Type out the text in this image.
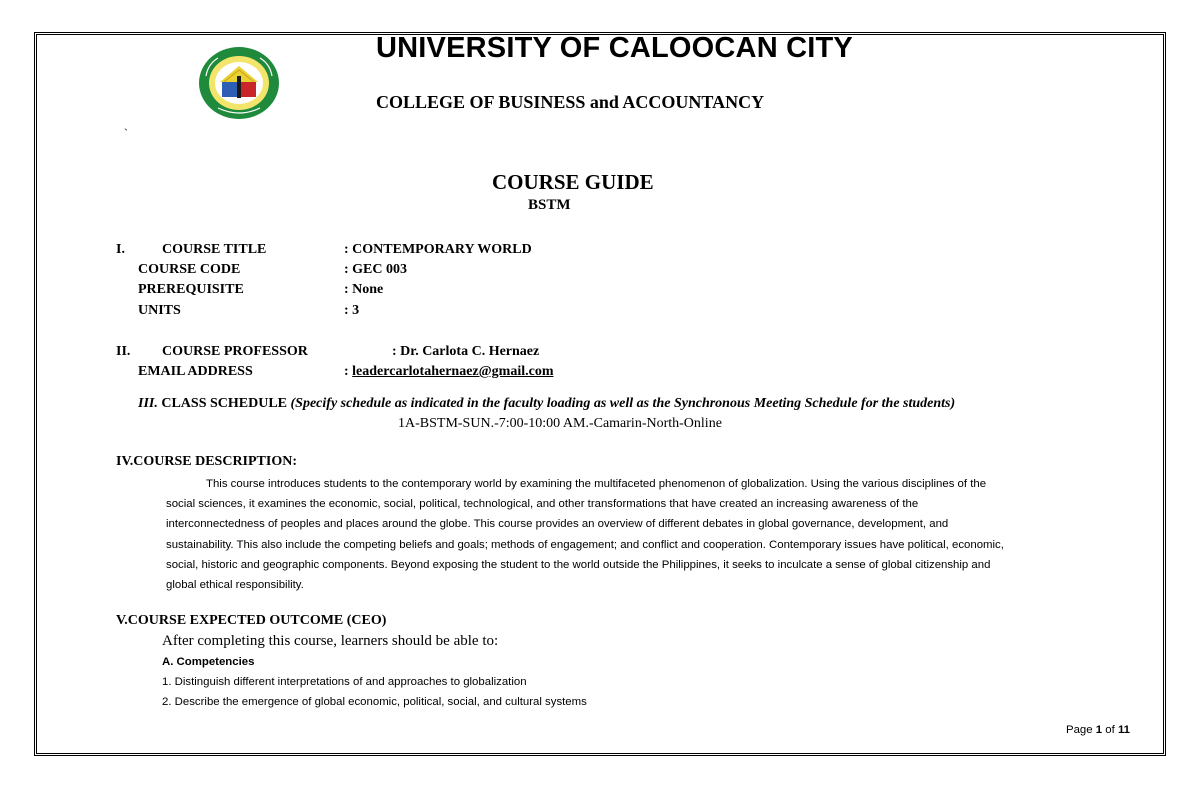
UNIVERSITY OF CALOOCAN CITY
COLLEGE OF BUSINESS and ACCOUNTANCY
`
COURSE GUIDE
BSTM
I.	COURSE TITLE	: CONTEMPORARY WORLD
COURSE CODE	: GEC 003
PREREQUISITE	: None
UNITS	: 3
II. COURSE PROFESSOR	: Dr. Carlota C. Hernaez
EMAIL ADDRESS	: leadercarlotahernaez@gmail.com
III. CLASS SCHEDULE (Specify schedule as indicated in the faculty loading as well as the Synchronous Meeting Schedule for the students)
1A-BSTM-SUN.-7:00-10:00 AM.-Camarin-North-Online
IV.COURSE DESCRIPTION:
This course introduces students to the contemporary world by examining the multifaceted phenomenon of globalization. Using the various disciplines of the
social sciences, it examines the economic, social, political, technological, and other transformations that have created an increasing awareness of the
interconnectedness of peoples and places around the globe. This course provides an overview of different debates in global governance, development, and
sustainability. This also include the competing beliefs and goals; methods of engagement; and conflict and cooperation. Contemporary issues have political, economic,
social, historic and geographic components. Beyond exposing the student to the world outside the Philippines, it seeks to inculcate a sense of global citizenship and
global ethical responsibility.
V.COURSE EXPECTED OUTCOME (CEO)
After completing this course, learners should be able to:
A. Competencies
1. Distinguish different interpretations of and approaches to globalization
2. Describe the emergence of global economic, political, social, and cultural systems
Page 1 of 11
